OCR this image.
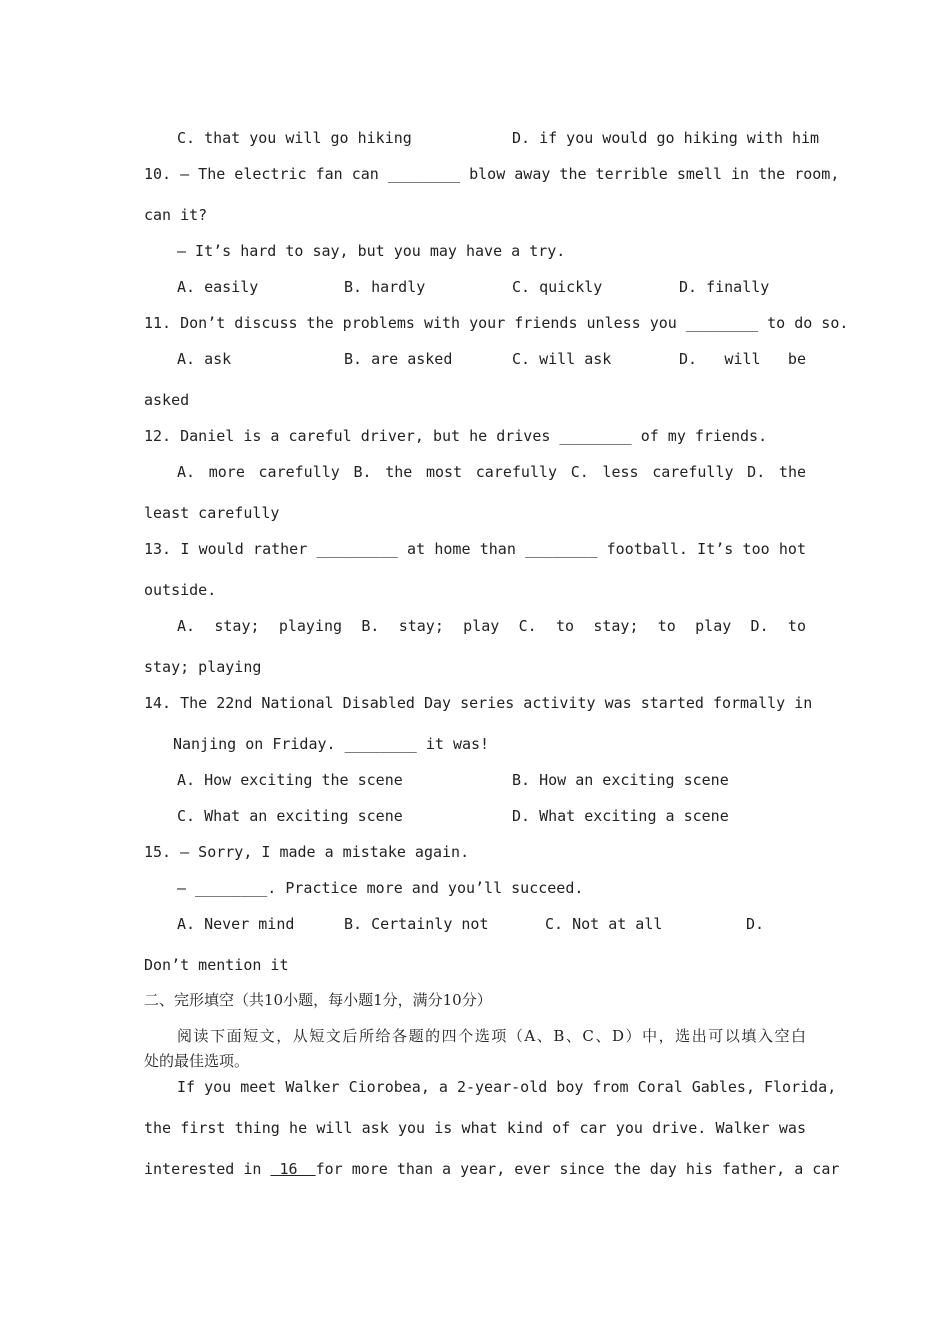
C. that you will go hiking	D. if you would go hiking with him
10. — The electric fan can ________ blow away the terrible smell in the room,
can it?
— It’s hard to say, but you may have a try.
A. easily	B. hardly	C. quickly	D. finally
11. Don’t discuss the problems with your friends unless you ________ to do so.
A. ask	B. are asked	C. will ask	D. will be
asked
12. Daniel is a careful driver, but he drives ________ of my friends.
A. more carefully B. the most carefully C. less carefully D. the
least carefully
13. I would rather _________ at home than ________ football. It’s too hot
outside.
A. stay; playing B. stay; play C. to stay; to play D. to
stay; playing
14. The 22nd National Disabled Day series activity was started formally in
Nanjing on Friday. ________ it was!
A. How exciting the scene	B. How an exciting scene
C. What an exciting scene	D. What exciting a scene
15. — Sorry, I made a mistake again.
— ________. Practice more and you’ll succeed.
A. Never mind	B. Certainly not	C. Not at all	D.
Don’t mention it
二、完形填空（共10小题，每小题1分，满分10分）
阅读下面短文，从短文后所给各题的四个选项（A、B、C、D）中，选出可以填入空白
处的最佳选项。
If you meet Walker Ciorobea, a 2-year-old boy from Coral Gables, Florida,
the first thing he will ask you is what kind of car you drive. Walker was
interested in 16 for more than a year, ever since the day his father, a car
